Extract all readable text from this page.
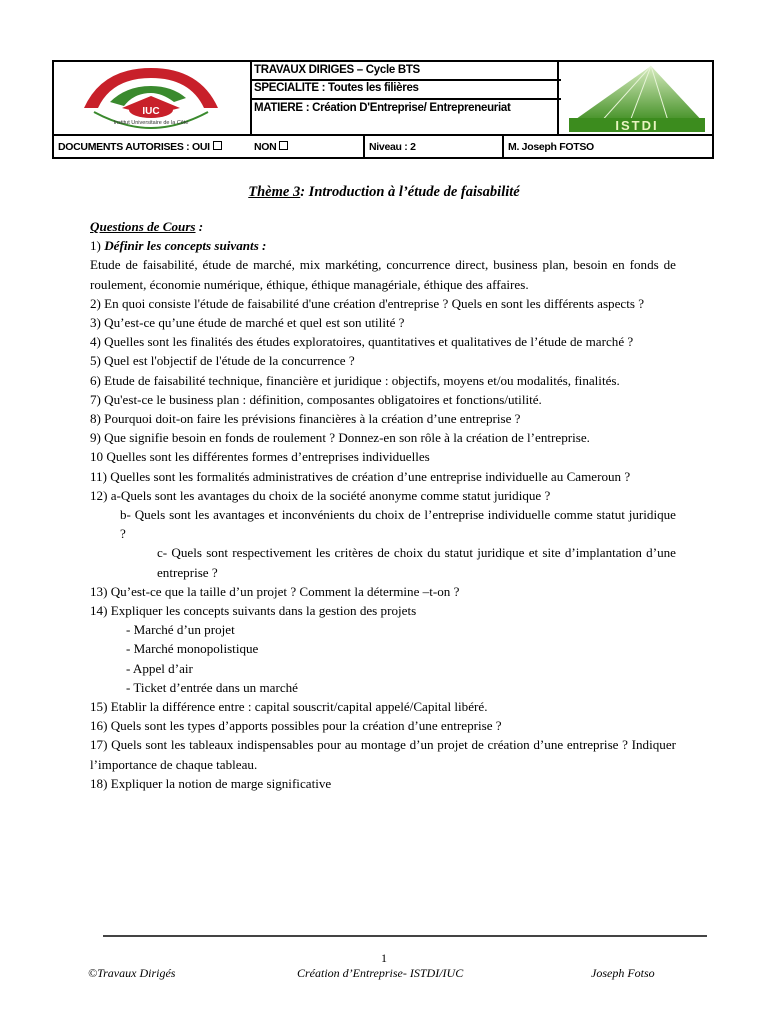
IUC
Institut Universitaire de la Côte
TRAVAUX DIRIGES – Cycle BTS
SPECIALITE : Toutes les filières
MATIERE : Création D'Entreprise/ Entrepreneuriat
ISTDI
DOCUMENTS AUTORISES : OUI	NON	Niveau : 2	M. Joseph FOTSO
Thème 3: Introduction à l’étude de faisabilité

Questions de Cours :

1) Définir les concepts suivants :

Etude de faisabilité, étude de marché, mix markéting, concurrence direct, business plan, besoin en fonds de roulement, économie numérique, éthique, éthique managériale, éthique des affaires.

2) En quoi consiste l'étude de faisabilité d'une création d'entreprise ? Quels en sont les différents aspects ?

3) Qu’est-ce qu’une étude de marché et quel est son utilité ?

4) Quelles sont les finalités des études exploratoires, quantitatives et qualitatives de l’étude de marché ?

5) Quel est l'objectif de l'étude de la concurrence ?

6) Etude de faisabilité technique, financière et juridique : objectifs, moyens et/ou modalités, finalités.

7) Qu'est-ce le business plan : définition, composantes obligatoires et fonctions/utilité.

8) Pourquoi doit-on faire les prévisions financières à la création d’une entreprise ?

9) Que signifie besoin en fonds de roulement ? Donnez-en son rôle à la création de l’entreprise.

10 Quelles sont les différentes formes d’entreprises individuelles

11) Quelles sont les formalités administratives de création d’une entreprise individuelle au Cameroun ?

12) a-Quels sont les avantages du choix de la société anonyme comme statut juridique ?

b- Quels sont les avantages et inconvénients du choix de l’entreprise individuelle comme statut juridique ?

c- Quels sont respectivement les critères de choix du statut juridique et site d’implantation d’une entreprise ?

13) Qu’est-ce que la taille d’un projet ? Comment la détermine –t-on ?

14) Expliquer les concepts suivants dans la gestion des projets

- Marché d’un projet

- Marché monopolistique

- Appel d’air

- Ticket d’entrée dans un marché

15) Etablir la différence entre : capital souscrit/capital appelé/Capital libéré.

16) Quels sont les types d’apports possibles pour la création d’une entreprise ?

17) Quels sont les tableaux indispensables pour au montage d’un projet de création d’une entreprise ? Indiquer l’importance de chaque tableau.

18) Expliquer la notion de marge significative

1
©Travaux Dirigés	Création d’Entreprise- ISTDI/IUC	Joseph Fotso
